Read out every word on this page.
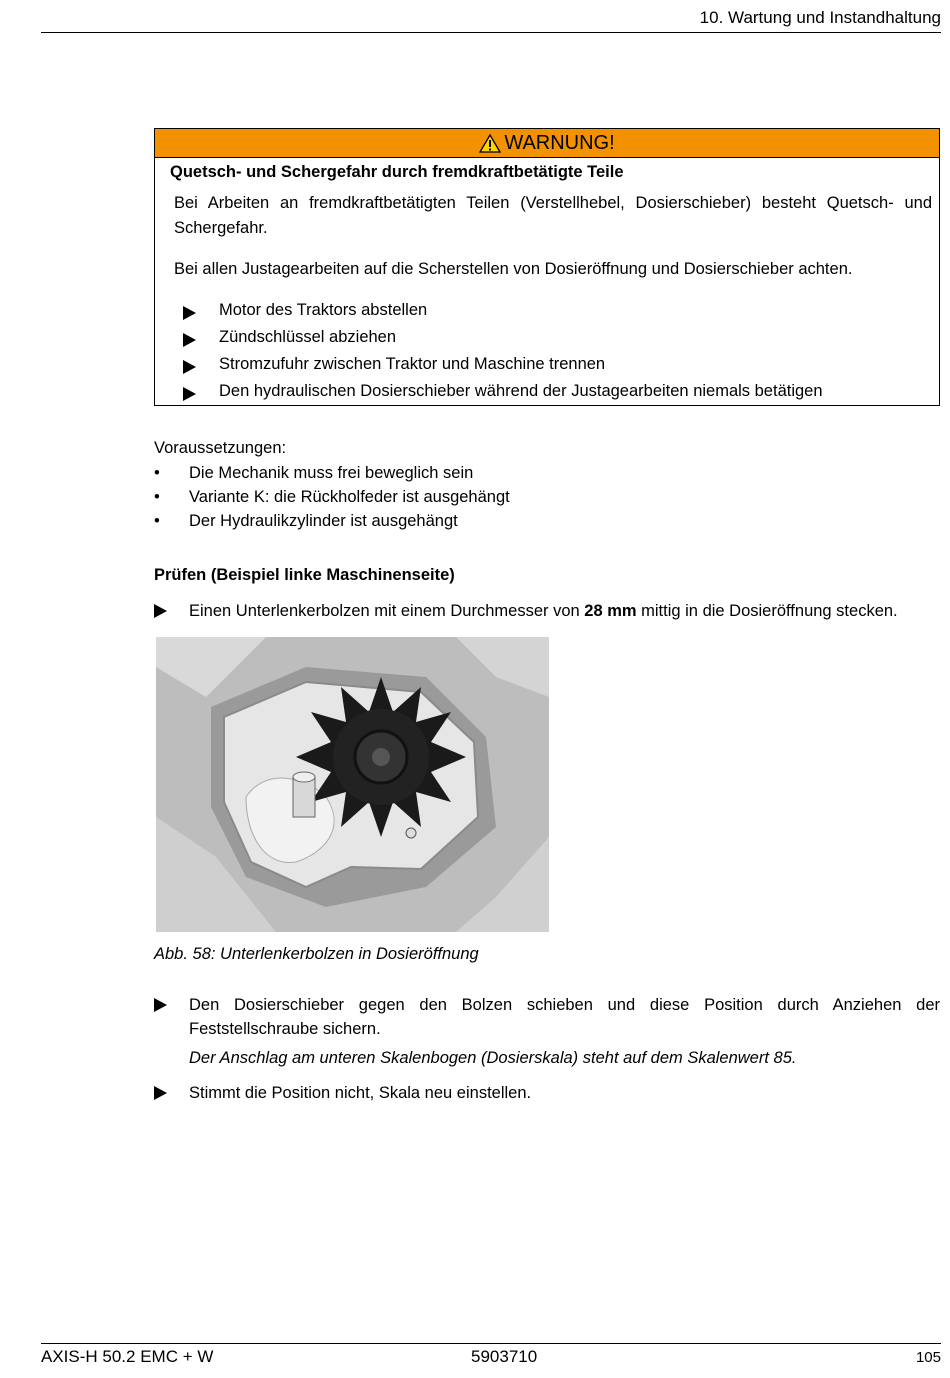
10. Wartung und Instandhaltung
WARNUNG!
Quetsch- und Schergefahr durch fremdkraftbetätigte Teile
Bei Arbeiten an fremdkraftbetätigten Teilen (Verstellhebel, Dosierschieber) besteht Quetsch- und Schergefahr.
Bei allen Justagearbeiten auf die Scherstellen von Dosieröffnung und Dosierschieber achten.
Motor des Traktors abstellen
Zündschlüssel abziehen
Stromzufuhr zwischen Traktor und Maschine trennen
Den hydraulischen Dosierschieber während der Justagearbeiten niemals betätigen
Voraussetzungen:
•	Die Mechanik muss frei beweglich sein
•	Variante K: die Rückholfeder ist ausgehängt
•	Der Hydraulikzylinder ist ausgehängt
Prüfen (Beispiel linke Maschinenseite)
Einen Unterlenkerbolzen mit einem Durchmesser von 28 mm mittig in die Dosieröffnung stecken.
Abb. 58: Unterlenkerbolzen in Dosieröffnung
Den Dosierschieber gegen den Bolzen schieben und diese Position durch Anziehen der Feststellschraube sichern.
Der Anschlag am unteren Skalenbogen (Dosierskala) steht auf dem Skalenwert 85.
Stimmt die Position nicht, Skala neu einstellen.
AXIS-H 50.2 EMC + W	5903710	105
